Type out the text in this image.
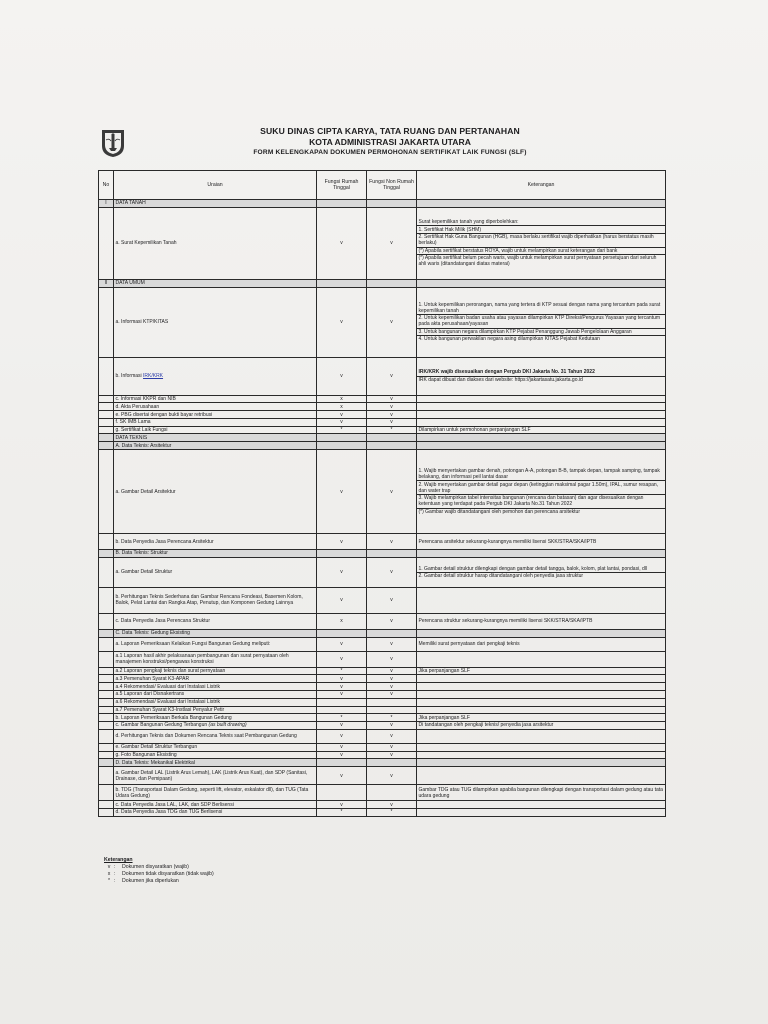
SUKU DINAS CIPTA KARYA, TATA RUANG DAN PERTANAHAN
KOTA ADMINISTRASI JAKARTA UTARA
FORM KELENGKAPAN DOKUMEN PERMOHONAN SERTIFIKAT LAIK FUNGSI (SLF)
No	Uraian	Fungsi Rumah Tinggal	Fungsi Non Rumah Tinggal	Keterangan
I	DATA TANAH			
	a. Surat Kepemilikan Tanah	v	v	Surat kepemilikan tanah yang diperbolehkan:
1. Sertifikat Hak Milik (SHM)
2. Sertifikat Hak Guna Bangunan (HGB), masa berlaku sertifikat wajib diperhatikan (harus berstatus masih berlaku)
(*) Apabila sertifikat berstatus ROYA, wajib untuk melampirkan surat keterangan dari bank
(*) Apabila sertifikat belum pecah waris, wajib untuk melampirkan surat pernyataan persetujuan dari seluruh ahli waris (ditandatangani diatas materai)

II	DATA UMUM			
	a. Informasi KTP/KITAS	v	v	1. Untuk kepemilikan perorangan, nama yang tertera di KTP sesuai dengan nama yang tercantum pada surat kepemilikan tanah
2. Untuk kepemilikan badan usaha atau yayasan dilampirkan KTP Direksi/Pengurus Yayasan yang tercantum pada akta perusahaan/yayasan
3. Untuk bangunan negara dilampirkan KTP Pejabat Penanggung Jawab Pengelolaan Anggaran
4. Untuk bangunan perwakilan negara asing dilampirkan KITAS Pejabat Kedutaan

	b. Informasi IRK/KRK	v	v	IRK/KRK wajib disesuaikan dengan Pergub DKI Jakarta No. 31 Tahun 2022
IRK dapat dibuat dan diakses dari website: https://jakartasatu.jakarta.go.id

	c. Informasi KKPR dan NIB	x	v	
	d. Akta Perusahaan	x	v	
	e. PBG disertai dengan bukti bayar retribusi	v	v	
	f. SK IMB Lama	v	v	
	g. Sertifikat Laik Fungsi	*	*	Dilampirkan untuk permohonan perpanjangan SLF
	DATA TEKNIS			
	A. Data Teknis: Arsitektur			
	a. Gambar Detail Arsitektur	v	v	1. Wajib menyertakan gambar denah, potongan A-A, potongan B-B, tampak depan, tampak samping, tampak belakang, dan informasi peil lantai dasar
2. Wajib menyertakan gambar detail pagar depan (ketinggian maksimal pagar 1.50m), IPAL, sumur resapan, dan water trap
3. Wajib melampirkan tabel intensitas bangunan (rencana dan batasan) dan agar disesuaikan dengan ketentuan yang terdapat pada Pergub DKI Jakarta No.31 Tahun 2022
(*) Gambar wajib ditandatangani oleh pemohon dan perencana arsitektur

	b. Data Penyedia Jasa Perencana Arsitektur	v	v	Perencana arsitektur sekurang-kurangnya memiliki lisensi SKK/STRA/SKA/IPTB
	B. Data Teknis: Struktur			
	a. Gambar Detail Struktur	v	v	1. Gambar detail struktur dilengkapi dengan gambar detail tangga, balok, kolom, plat lantai, pondasi, dll
2. Gambar detail struktur harap ditandatangani oleh penyedia jasa struktur

	b. Perhitungan Teknis Sederhana dan Gambar Rencana Fondeasi, Basemen Kolom, Balok, Pelat Lantai dan Rangka Atap, Penutup, dan Komponen Gedung Lainnya	v	v	
	c. Data Penyedia Jasa Perencana Struktur	x	v	Perencana struktur sekurang-kurangnya memiliki lisensi SKK/STRA/SKA/IPTB
	C. Data Teknis: Gedung Eksisting			
	a. Laporan Pemeriksaan Kelaikan Fungsi Bangunan Gedung meliputi:	v	v	Memiliki surat pernyataan dari pengkaji teknis
	a.1 Laporan hasil akhir pelaksanaan pembangunan dan surat pernyataan oleh manajemen konstruksi/pengawas konstruksi	v	v	
	a.2 Laporan pengkaji teknis dan surat pernyataan	*	v	Jika perpanjangan SLF
	a.3 Pemenuhan Syarat K3-APAR	v	v	
	a.4 Rekomendasi/ Evaluasi dari Instalasi Listrik	v	v	
	a.5 Laporan dari Disnakertrans	v	v	
	a.6 Rekomendasi/ Evaluasi dari Instalasi Listrik			
	a.7 Pemenuhan Syarat K3-Instlasi Penyalur Petir			
	b. Laporan Pemeriksaan Berkala Bangunan Gedung	*	*	Jika perpanjangan SLF
	c. Gambar Bangunan Gedung Terbangun (as built drawing)	v	v	Di tandatangan oleh pengkaji teknis/ penyedia jasa arsitektur
	d. Perhitungan Teknis dan Dokumen Rencana Teknis saat Pembangunan Gedung	v	v	
	e. Gambar Detail Struktur Terbangun	v	v	
	g. Foto Bangunan Eksisting	v	v	
	D. Data Teknis: Mekanikal Elektrikal			
	a. Gambar Detail LAL (Listrik Arus Lemah), LAK (Listrik Arus Kuat), dan SDP (Sanitasi, Drainase, dan Pemipaan)	v	v	
	b. TDG (Transportasi Dalam Gedung, seperti lift, elevator, eskalator dll), dan TUG (Tata Udara Gedung)			Gambar TDG atau TUG dilampirkan apabila bangunan dilengkapi dengan transportasi dalam gedung atau tata udara gedung
	c. Data Penyedia Jasa LAL, LAK, dan SDP Berlisensi	v	v	
	d. Data Penyedia Jasa TDG dan TUG Berlisensi	*	*	
Keterangan
v : Dokumen disyaratkan (wajib)
x : Dokumen tidak disyaratkan (tidak wajib)
* : Dokumen jika diperlukan
